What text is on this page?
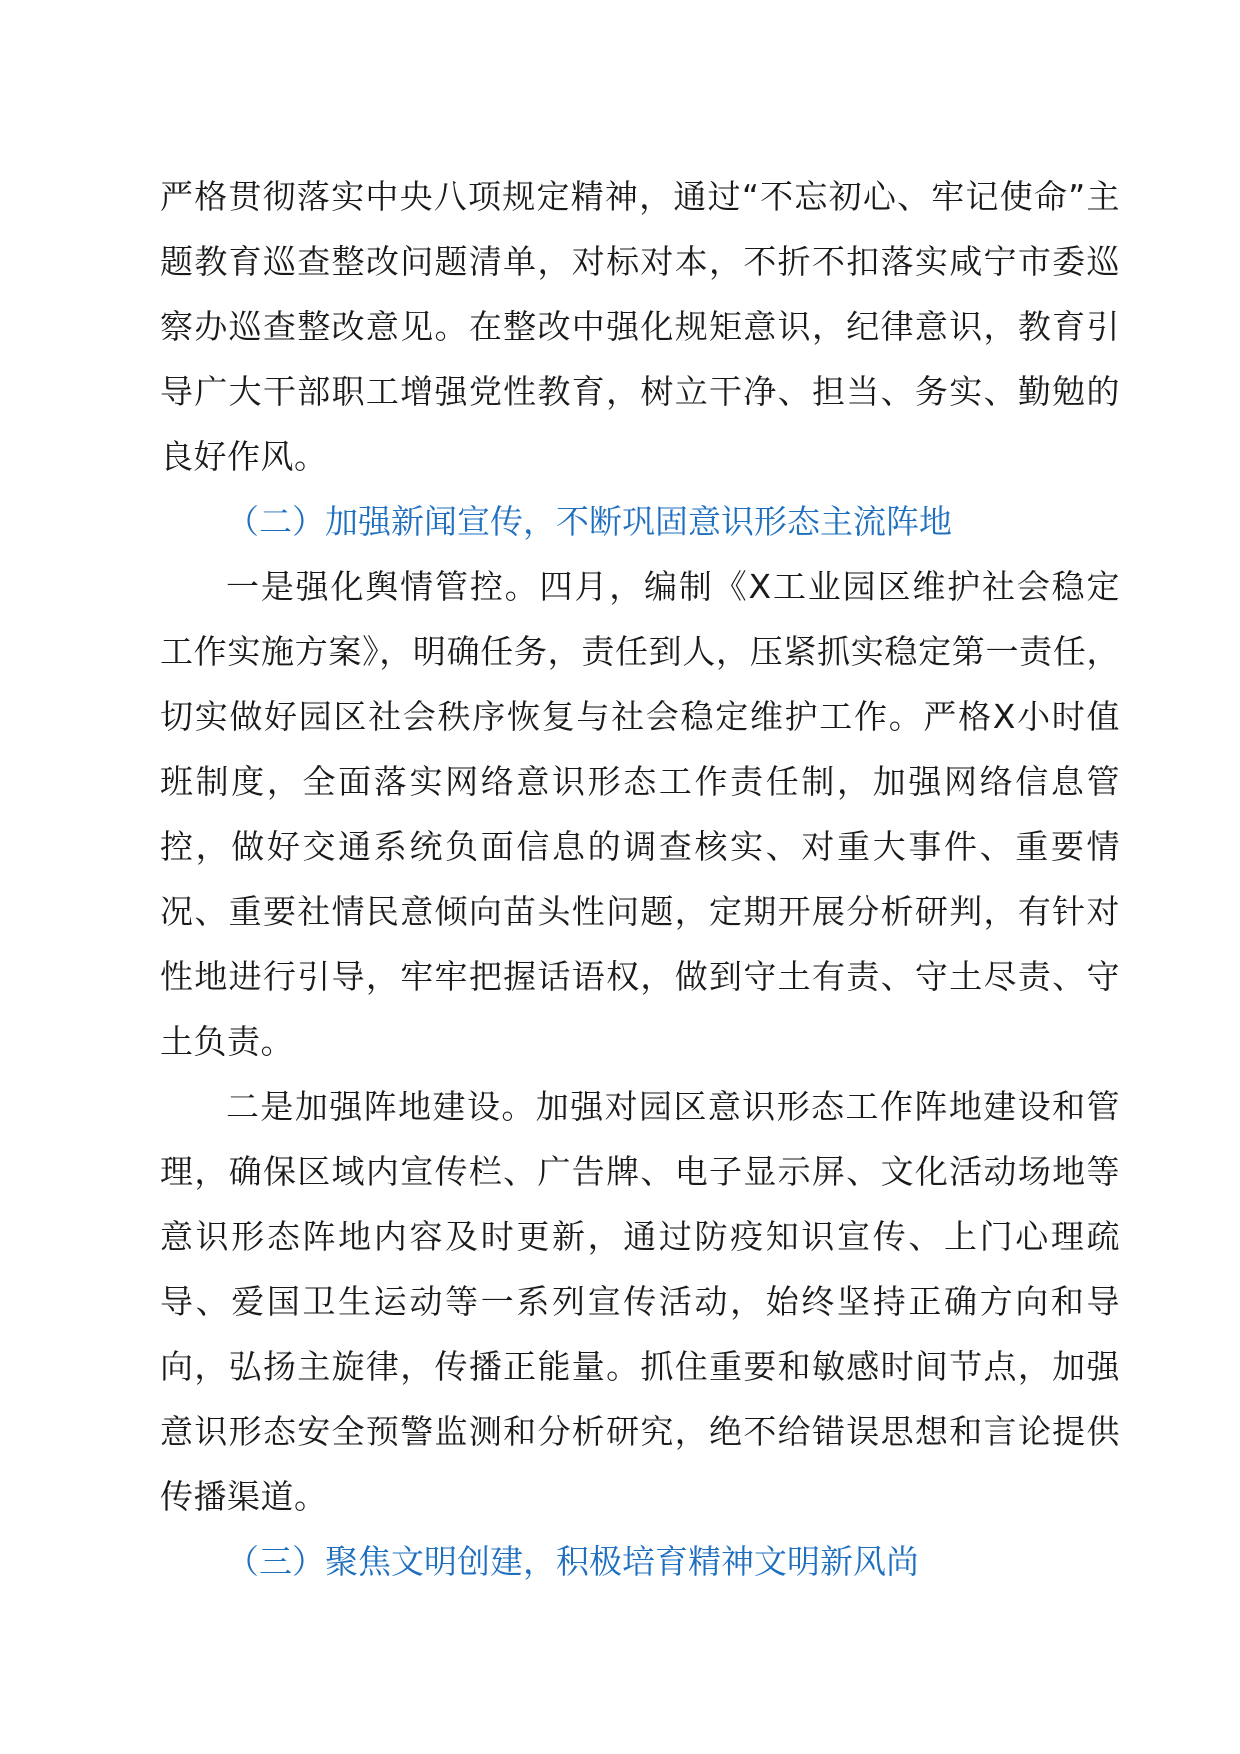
严格贯彻落实中央八项规定精神，通过“不忘初心、牢记使命”主题教育巡查整改问题清单，对标对本，不折不扣落实咸宁市委巡察办巡查整改意见。在整改中强化规矩意识，纪律意识，教育引导广大干部职工增强党性教育，树立干净、担当、务实、勤勉的良好作风。

（二）加强新闻宣传，不断巩固意识形态主流阵地

一是强化舆情管控。四月，编制《X工业园区维护社会稳定工作实施方案》，明确任务，责任到人，压紧抓实稳定第一责任，切实做好园区社会秩序恢复与社会稳定维护工作。严格X小时值班制度，全面落实网络意识形态工作责任制，加强网络信息管控，做好交通系统负面信息的调查核实、对重大事件、重要情况、重要社情民意倾向苗头性问题，定期开展分析研判，有针对性地进行引导，牢牢把握话语权，做到守土有责、守土尽责、守土负责。

二是加强阵地建设。加强对园区意识形态工作阵地建设和管理，确保区域内宣传栏、广告牌、电子显示屏、文化活动场地等意识形态阵地内容及时更新，通过防疫知识宣传、上门心理疏导、爱国卫生运动等一系列宣传活动，始终坚持正确方向和导向，弘扬主旋律，传播正能量。抓住重要和敏感时间节点，加强意识形态安全预警监测和分析研究，绝不给错误思想和言论提供传播渠道。

（三）聚焦文明创建，积极培育精神文明新风尚
